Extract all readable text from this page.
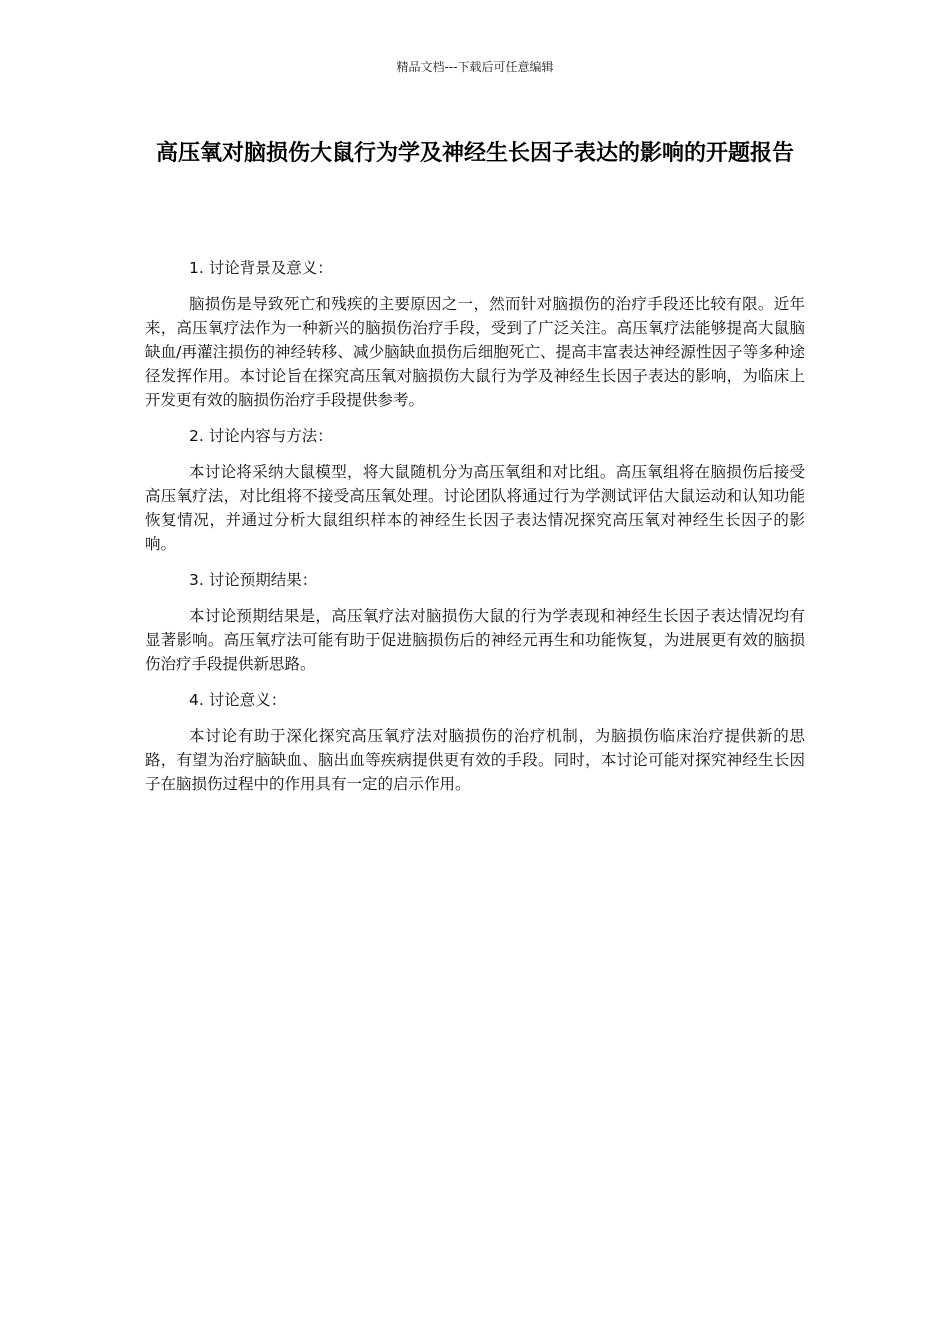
精品文档---下载后可任意编辑
高压氧对脑损伤大鼠行为学及神经生长因子表达的影响的开题报告

1. 讨论背景及意义：

脑损伤是导致死亡和残疾的主要原因之一，然而针对脑损伤的治疗手段还比较有限。近年来，高压氧疗法作为一种新兴的脑损伤治疗手段，受到了广泛关注。高压氧疗法能够提高大鼠脑缺血/再灌注损伤的神经转移、减少脑缺血损伤后细胞死亡、提高丰富表达神经源性因子等多种途径发挥作用。本讨论旨在探究高压氧对脑损伤大鼠行为学及神经生长因子表达的影响，为临床上开发更有效的脑损伤治疗手段提供参考。

2. 讨论内容与方法：

本讨论将采纳大鼠模型，将大鼠随机分为高压氧组和对比组。高压氧组将在脑损伤后接受高压氧疗法，对比组将不接受高压氧处理。讨论团队将通过行为学测试评估大鼠运动和认知功能恢复情况，并通过分析大鼠组织样本的神经生长因子表达情况探究高压氧对神经生长因子的影响。

3. 讨论预期结果：

本讨论预期结果是，高压氧疗法对脑损伤大鼠的行为学表现和神经生长因子表达情况均有显著影响。高压氧疗法可能有助于促进脑损伤后的神经元再生和功能恢复，为进展更有效的脑损伤治疗手段提供新思路。

4. 讨论意义：

本讨论有助于深化探究高压氧疗法对脑损伤的治疗机制，为脑损伤临床治疗提供新的思路，有望为治疗脑缺血、脑出血等疾病提供更有效的手段。同时，本讨论可能对探究神经生长因子在脑损伤过程中的作用具有一定的启示作用。
